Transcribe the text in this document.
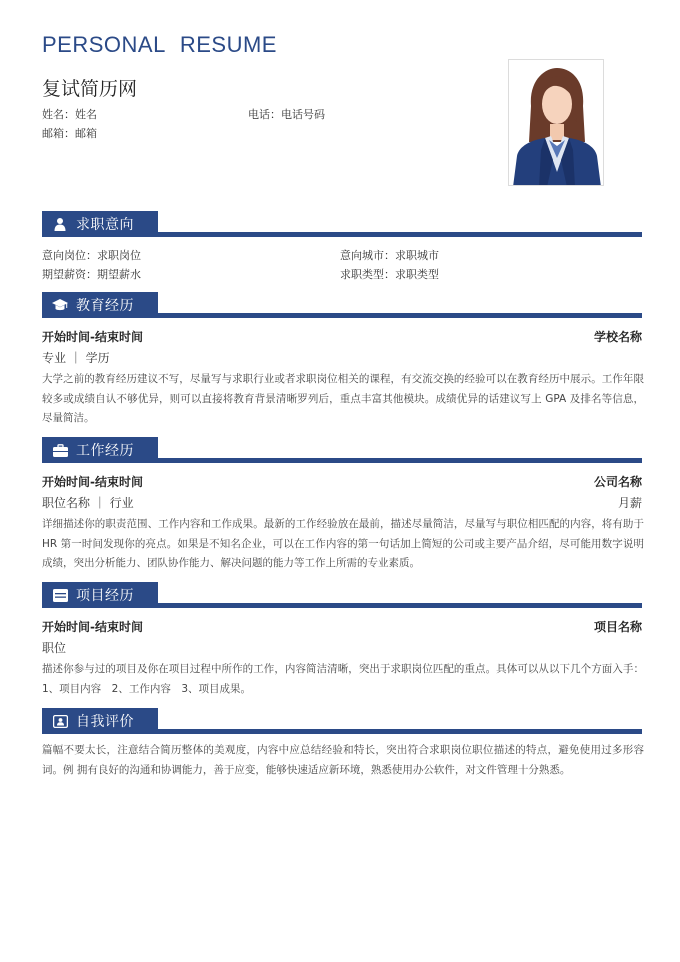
PERSONAL RESUME
复试简历网
姓名：姓名	电话：电话号码
邮箱：邮箱
求职意向
意向岗位：求职岗位	意向城市：求职城市
期望薪资：期望薪水	求职类型：求职类型
教育经历
开始时间-结束时间	学校名称
专业 ｜ 学历
大学之前的教育经历建议不写，尽量写与求职行业或者求职岗位相关的课程，有交流交换的经验可以在教育经历中展示。工作年限较多或成绩自认不够优异，则可以直接将教育背景清晰罗列后，重点丰富其他模块。成绩优异的话建议写上 GPA 及排名等信息，尽量简洁。
工作经历
开始时间-结束时间	公司名称
职位名称 ｜ 行业	月薪
详细描述你的职责范围、工作内容和工作成果。最新的工作经验放在最前，描述尽量简洁，尽量写与职位相匹配的内容，将有助于 HR 第一时间发现你的亮点。如果是不知名企业，可以在工作内容的第一句话加上简短的公司或主要产品介绍，尽可能用数字说明成绩，突出分析能力、团队协作能力、解决问题的能力等工作上所需的专业素质。
项目经历
开始时间-结束时间	项目名称
职位
描述你参与过的项目及你在项目过程中所作的工作，内容简洁清晰，突出于求职岗位匹配的重点。具体可以从以下几个方面入手：1、项目内容　2、工作内容　3、项目成果。
自我评价
篇幅不要太长，注意结合简历整体的美观度，内容中应总结经验和特长，突出符合求职岗位职位描述的特点，避免使用过多形容词。例 拥有良好的沟通和协调能力，善于应变，能够快速适应新环境，熟悉使用办公软件，对文件管理十分熟悉。
